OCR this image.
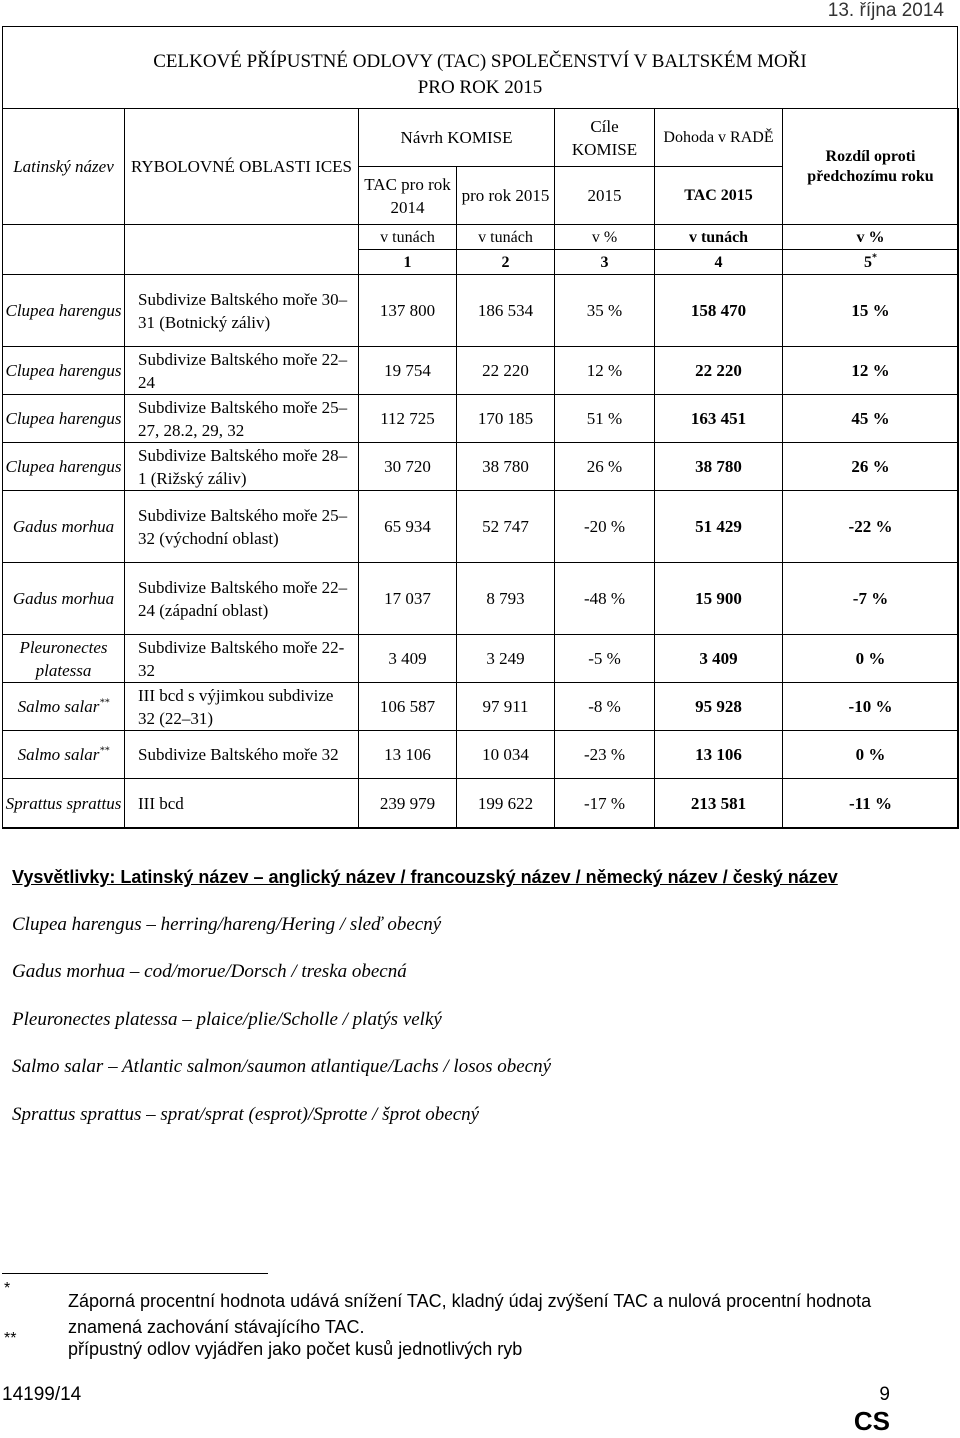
13. října 2014
CELKOVÉ PŘÍPUSTNÉ ODLOVY (TAC) SPOLEČENSTVÍ V BALTSKÉM MOŘI
PRO ROK 2015
Latinský název	RYBOLOVNÉ OBLASTI ICES	Návrh KOMISE		Cíle KOMISE	Dohoda v RADĚ	Rozdíl oproti předchozímu roku
		TAC pro rok 2014	pro rok 2015	2015	TAC 2015	
		v tunách	v tunách	v %	v tunách	v %
		1	2	3	4	5*
Clupea harengus	Subdivize Baltského moře 30–31 (Botnický záliv)	137 800	186 534	35 %	158 470	15 %
Clupea harengus	Subdivize Baltského moře 22–24	19 754	22 220	12 %	22 220	12 %
Clupea harengus	Subdivize Baltského moře 25–27, 28.2, 29, 32	112 725	170 185	51 %	163 451	45 %
Clupea harengus	Subdivize Baltského moře 28–1 (Rižský záliv)	30 720	38 780	26 %	38 780	26 %
Gadus morhua	Subdivize Baltského moře 25–32 (východní oblast)	65 934	52 747	-20 %	51 429	-22 %
Gadus morhua	Subdivize Baltského moře 22–24 (západní oblast)	17 037	8 793	-48 %	15 900	-7 %
Pleuronectes platessa	Subdivize Baltského moře 22-32	3 409	3 249	-5 %	3 409	0 %
Salmo salar**	III bcd s výjimkou subdivize 32 (22–31)	106 587	97 911	-8 %	95 928	-10 %
Salmo salar**	Subdivize Baltského moře 32	13 106	10 034	-23 %	13 106	0 %
Sprattus sprattus	III bcd	239 979	199 622	-17 %	213 581	-11 %
Vysvětlivky: Latinský název – anglický název / francouzský název / německý název / český název
Clupea harengus – herring/hareng/Hering / sleď obecný
Gadus morhua – cod/morue/Dorsch / treska obecná
Pleuronectes platessa – plaice/plie/Scholle / platýs velký
Salmo salar – Atlantic salmon/saumon atlantique/Lachs / losos obecný
Sprattus sprattus – sprat/sprat (esprot)/Sprotte / šprot obecný
*
Záporná procentní hodnota udává snížení TAC, kladný údaj zvýšení TAC a nulová procentní hodnota znamená zachování stávajícího TAC.
**
přípustný odlov vyjádřen jako počet kusů jednotlivých ryb
14199/14	9
CS
